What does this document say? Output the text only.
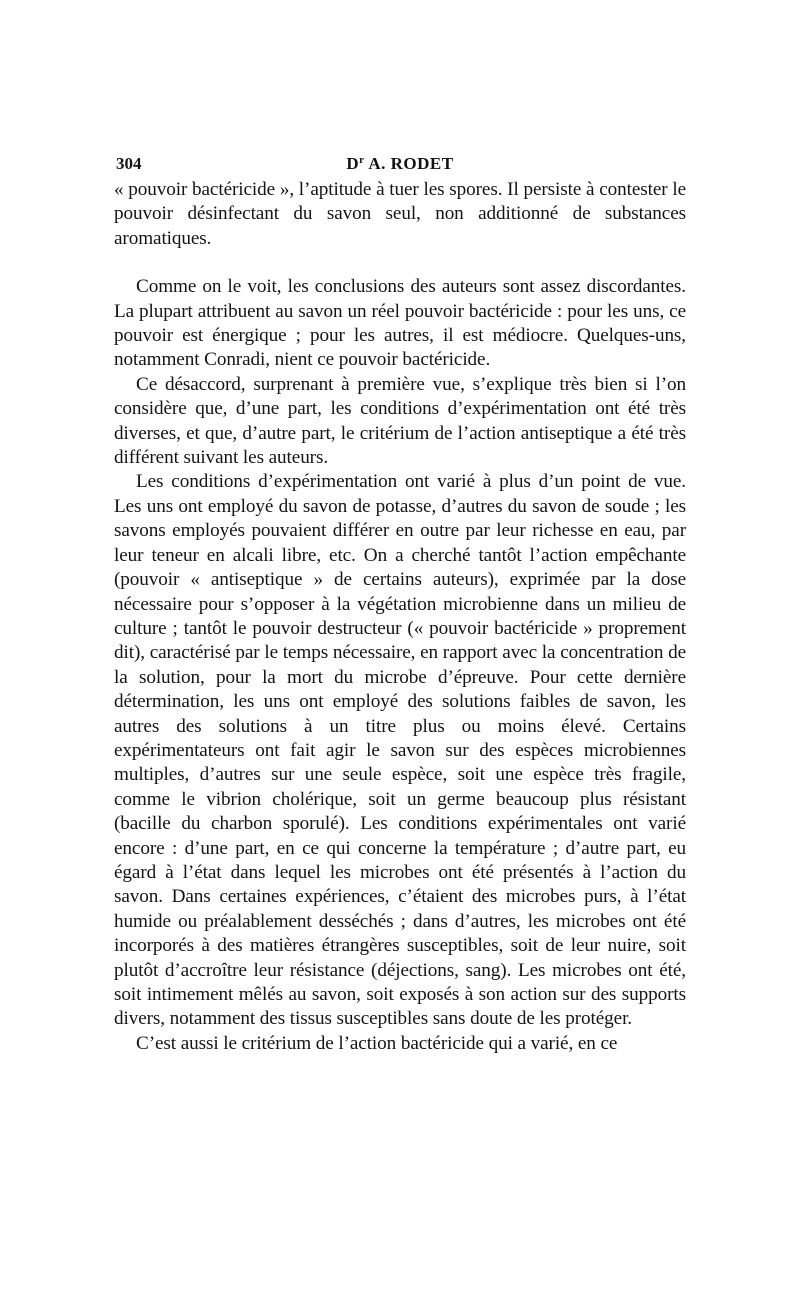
304	$D^r$ A. RODET

« pouvoir bactéricide », l’aptitude à tuer les spores. Il persiste à contester le pouvoir désinfectant du savon seul, non additionné de substances aromatiques.

Comme on le voit, les conclusions des auteurs sont assez discordantes. La plupart attribuent au savon un réel pouvoir bactéricide : pour les uns, ce pouvoir est énergique ; pour les autres, il est médiocre. Quelques-uns, notamment Conradi, nient ce pouvoir bactéricide.

Ce désaccord, surprenant à première vue, s’explique très bien si l’on considère que, d’une part, les conditions d’expérimentation ont été très diverses, et que, d’autre part, le critérium de l’action antiseptique a été très différent suivant les auteurs.

Les conditions d’expérimentation ont varié à plus d’un point de vue. Les uns ont employé du savon de potasse, d’autres du savon de soude ; les savons employés pouvaient différer en outre par leur richesse en eau, par leur teneur en alcali libre, etc. On a cherché tantôt l’action empêchante (pouvoir « antiseptique » de certains auteurs), exprimée par la dose nécessaire pour s’opposer à la végétation microbienne dans un milieu de culture ; tantôt le pouvoir destructeur (« pouvoir bactéricide » proprement dit), caractérisé par le temps nécessaire, en rapport avec la concentration de la solution, pour la mort du microbe d’épreuve. Pour cette dernière détermination, les uns ont employé des solutions faibles de savon, les autres des solutions à un titre plus ou moins élevé. Certains expérimentateurs ont fait agir le savon sur des espèces microbiennes multiples, d’autres sur une seule espèce, soit une espèce très fragile, comme le vibrion cholérique, soit un germe beaucoup plus résistant (bacille du charbon sporulé). Les conditions expérimentales ont varié encore : d’une part, en ce qui concerne la température ; d’autre part, eu égard à l’état dans lequel les microbes ont été présentés à l’action du savon. Dans certaines expériences, c’étaient des microbes purs, à l’état humide ou préalablement desséchés ; dans d’autres, les microbes ont été incorporés à des matières étrangères susceptibles, soit de leur nuire, soit plutôt d’accroître leur résistance (déjections, sang). Les microbes ont été, soit intimement mêlés au savon, soit exposés à son action sur des supports divers, notamment des tissus susceptibles sans doute de les protéger.

C’est aussi le critérium de l’action bactéricide qui a varié, en ce
